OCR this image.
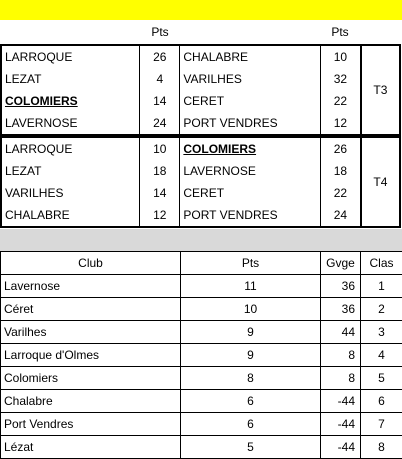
	Pts		Pts	
LARROQUE	26	CHALABRE	10	T3
LEZAT	4	VARILHES	32	
COLOMIERS	14	CERET	22	
LAVERNOSE	24	PORT VENDRES	12	
LARROQUE	10	COLOMIERS	26	T4
LEZAT	18	LAVERNOSE	18	
VARILHES	14	CERET	22	
CHALABRE	12	PORT VENDRES	24	
Club	Pts	Gvge	Clas
Lavernose	11	36	1
Céret	10	36	2
Varilhes	9	44	3
Larroque d'Olmes	9	8	4
Colomiers	8	8	5
Chalabre	6	-44	6
Port Vendres	6	-44	7
Lézat	5	-44	8
